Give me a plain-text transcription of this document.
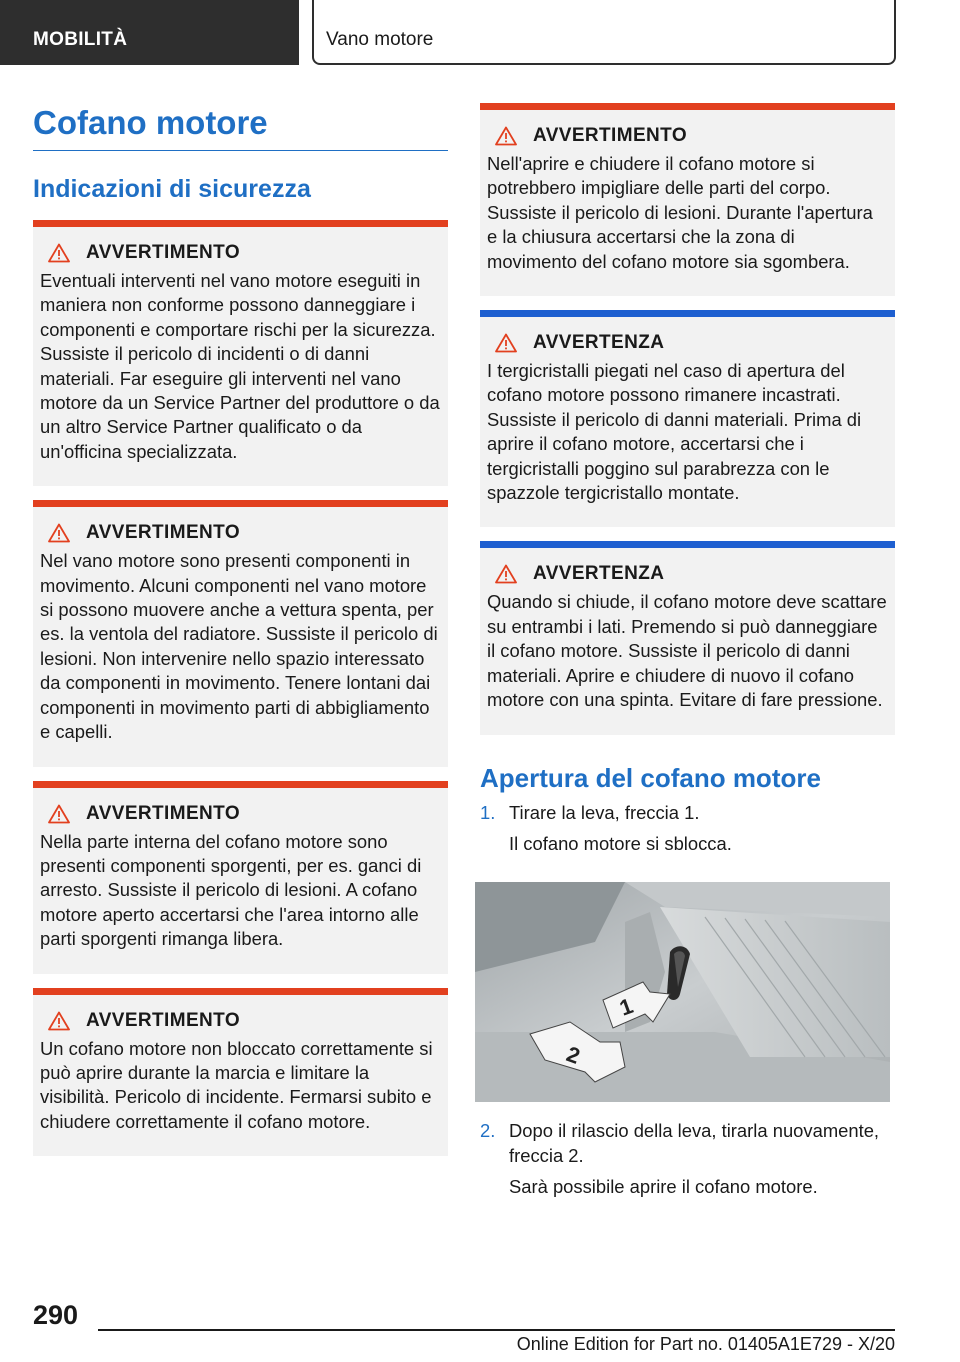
MOBILITÀ	Vano motore
Cofano motore
Indicazioni di sicurezza
AVVERTIMENTO

Eventuali interventi nel vano motore eseguiti in maniera non conforme possono danneggiare i componenti e comportare rischi per la sicurezza. Sussiste il pericolo di incidenti o di danni materiali. Far eseguire gli interventi nel vano motore da un Service Partner del produttore o da un altro Service Partner qualificato o da un'officina specializzata.

AVVERTIMENTO

Nel vano motore sono presenti componenti in movimento. Alcuni componenti nel vano motore si possono muovere anche a vettura spenta, per es. la ventola del radiatore. Sussiste il pericolo di lesioni. Non intervenire nello spazio interessato da componenti in movimento. Tenere lontani dai componenti in movimento parti di abbigliamento e capelli.

AVVERTIMENTO

Nella parte interna del cofano motore sono presenti componenti sporgenti, per es. ganci di arresto. Sussiste il pericolo di lesioni. A cofano motore aperto accertarsi che l'area intorno alle parti sporgenti rimanga libera.

AVVERTIMENTO

Un cofano motore non bloccato correttamente si può aprire durante la marcia e limitare la visibilità. Pericolo di incidente. Fermarsi subito e chiudere correttamente il cofano motore.

AVVERTIMENTO

Nell'aprire e chiudere il cofano motore si potrebbero impigliare delle parti del corpo. Sussiste il pericolo di lesioni. Durante l'apertura e la chiusura accertarsi che la zona di movimento del cofano motore sia sgombera.

AVVERTENZA

I tergicristalli piegati nel caso di apertura del cofano motore possono rimanere incastrati. Sussiste il pericolo di danni materiali. Prima di aprire il cofano motore, accertarsi che i tergicristalli poggino sul parabrezza con le spazzole tergicristallo montate.

AVVERTENZA

Quando si chiude, il cofano motore deve scattare su entrambi i lati. Premendo si può danneggiare il cofano motore. Sussiste il pericolo di danni materiali. Aprire e chiudere di nuovo il cofano motore con una spinta. Evitare di fare pressione.

Apertura del cofano motore
1. Tirare la leva, freccia 1.

Il cofano motore si sblocca.

1
2
2. Dopo il rilascio della leva, tirarla nuovamente, freccia 2.

Sarà possibile aprire il cofano motore.

290
Online Edition for Part no. 01405A1E729 - X/20
